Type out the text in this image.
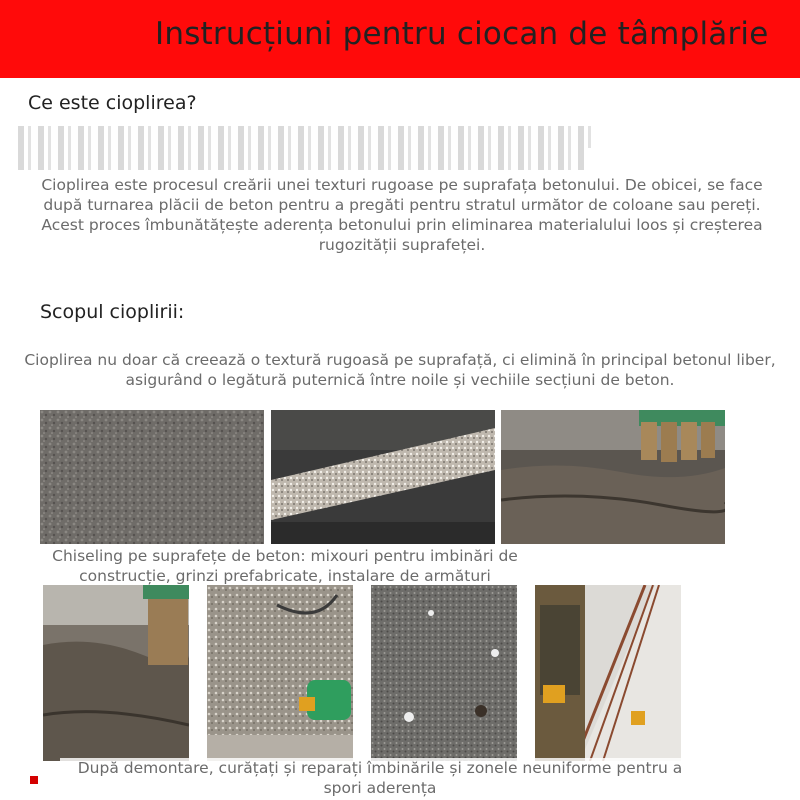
Instrucțiuni pentru ciocan de tâmplărie
Ce este cioplirea?
Cioplirea este procesul creării unei texturi rugoase pe suprafața betonului. De obicei, se face după turnarea plăcii de beton pentru a pregăti pentru stratul următor de coloane sau pereți. Acest proces îmbunătățește aderența betonului prin eliminarea materialului loos și creșterea rugozității suprafeței.
Scopul cioplirii:
Cioplirea nu doar că creează o textură rugoasă pe suprafață, ci elimină în principal betonul liber, asigurând o legătură puternică între noile și vechiile secțiuni de beton.
Chiseling pe suprafețe de beton: mixouri pentru imbinări de construcție, grinzi prefabricate, instalare de armături
După demontare, curățați și reparați îmbinările și zonele neuniforme pentru a spori aderența
